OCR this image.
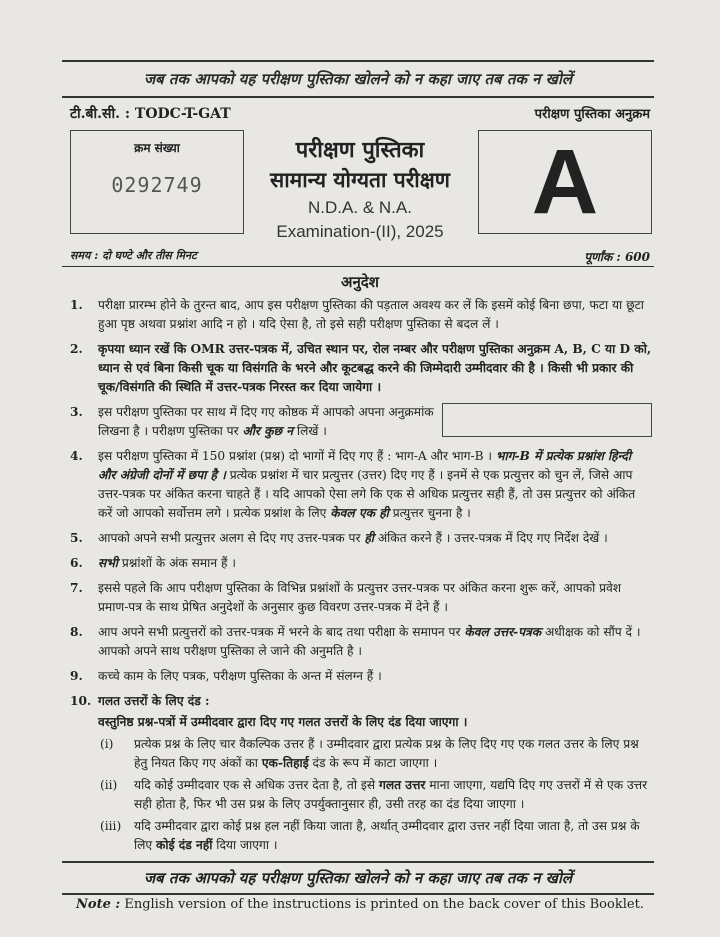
जब तक आपको यह परीक्षण पुस्तिका खोलने को न कहा जाए तब तक न खोलें
टी.बी.सी. : TODC-T-GAT	परीक्षण पुस्तिका अनुक्रम
क्रम संख्या
0292749
परीक्षण पुस्तिका
सामान्य योग्यता परीक्षण
N.D.A. & N.A.
Examination-(II), 2025 A
समय : दो घण्टे और तीस मिनट	पूर्णांक : 600
अनुदेश
1.	परीक्षा प्रारम्भ होने के तुरन्त बाद, आप इस परीक्षण पुस्तिका की पड़ताल अवश्य कर लें कि इसमें कोई बिना छपा, फटा या छूटा हुआ पृष्ठ अथवा प्रश्नांश आदि न हो । यदि ऐसा है, तो इसे सही परीक्षण पुस्तिका से बदल लें ।
2.	कृपया ध्यान रखें कि OMR उत्तर-पत्रक में, उचित स्थान पर, रोल नम्बर और परीक्षण पुस्तिका अनुक्रम A, B, C या D को, ध्यान से एवं बिना किसी चूक या विसंगति के भरने और कूटबद्ध करने की जिम्मेदारी उम्मीदवार की है । किसी भी प्रकार की चूक/विसंगति की स्थिति में उत्तर-पत्रक निरस्त कर दिया जायेगा ।
3.	इस परीक्षण पुस्तिका पर साथ में दिए गए कोष्ठक में आपको अपना अनुक्रमांक लिखना है । परीक्षण पुस्तिका पर और कुछ न लिखें ।
4.	इस परीक्षण पुस्तिका में 150 प्रश्नांश (प्रश्न) दो भागों में दिए गए हैं : भाग-A और भाग-B । भाग-B में प्रत्येक प्रश्नांश हिन्दी और अंग्रेजी दोनों में छपा है । प्रत्येक प्रश्नांश में चार प्रत्युत्तर (उत्तर) दिए गए हैं । इनमें से एक प्रत्युत्तर को चुन लें, जिसे आप उत्तर-पत्रक पर अंकित करना चाहते हैं । यदि आपको ऐसा लगे कि एक से अधिक प्रत्युत्तर सही हैं, तो उस प्रत्युत्तर को अंकित करें जो आपको सर्वोत्तम लगे । प्रत्येक प्रश्नांश के लिए केवल एक ही प्रत्युत्तर चुनना है ।
5.	आपको अपने सभी प्रत्युत्तर अलग से दिए गए उत्तर-पत्रक पर ही अंकित करने हैं । उत्तर-पत्रक में दिए गए निर्देश देखें ।
6.	सभी प्रश्नांशों के अंक समान हैं ।
7.	इससे पहले कि आप परीक्षण पुस्तिका के विभिन्न प्रश्नांशों के प्रत्युत्तर उत्तर-पत्रक पर अंकित करना शुरू करें, आपको प्रवेश प्रमाण-पत्र के साथ प्रेषित अनुदेशों के अनुसार कुछ विवरण उत्तर-पत्रक में देने हैं ।
8.	आप अपने सभी प्रत्युत्तरों को उत्तर-पत्रक में भरने के बाद तथा परीक्षा के समापन पर केवल उत्तर-पत्रक अधीक्षक को सौंप दें । आपको अपने साथ परीक्षण पुस्तिका ले जाने की अनुमति है ।
9.	कच्चे काम के लिए पत्रक, परीक्षण पुस्तिका के अन्त में संलग्न हैं ।
10. गलत उत्तरों के लिए दंड :
वस्तुनिष्ठ प्रश्न-पत्रों में उम्मीदवार द्वारा दिए गए गलत उत्तरों के लिए दंड दिया जाएगा ।
(i)	प्रत्येक प्रश्न के लिए चार वैकल्पिक उत्तर हैं । उम्मीदवार द्वारा प्रत्येक प्रश्न के लिए दिए गए एक गलत उत्तर के लिए प्रश्न हेतु नियत किए गए अंकों का एक-तिहाई दंड के रूप में काटा जाएगा ।
(ii)	यदि कोई उम्मीदवार एक से अधिक उत्तर देता है, तो इसे गलत उत्तर माना जाएगा, यद्यपि दिए गए उत्तरों में से एक उत्तर सही होता है, फिर भी उस प्रश्न के लिए उपर्युक्तानुसार ही, उसी तरह का दंड दिया जाएगा ।
(iii)	यदि उम्मीदवार द्वारा कोई प्रश्न हल नहीं किया जाता है, अर्थात् उम्मीदवार द्वारा उत्तर नहीं दिया जाता है, तो उस प्रश्न के लिए कोई दंड नहीं दिया जाएगा ।
जब तक आपको यह परीक्षण पुस्तिका खोलने को न कहा जाए तब तक न खोलें
Note : English version of the instructions is printed on the back cover of this Booklet.
